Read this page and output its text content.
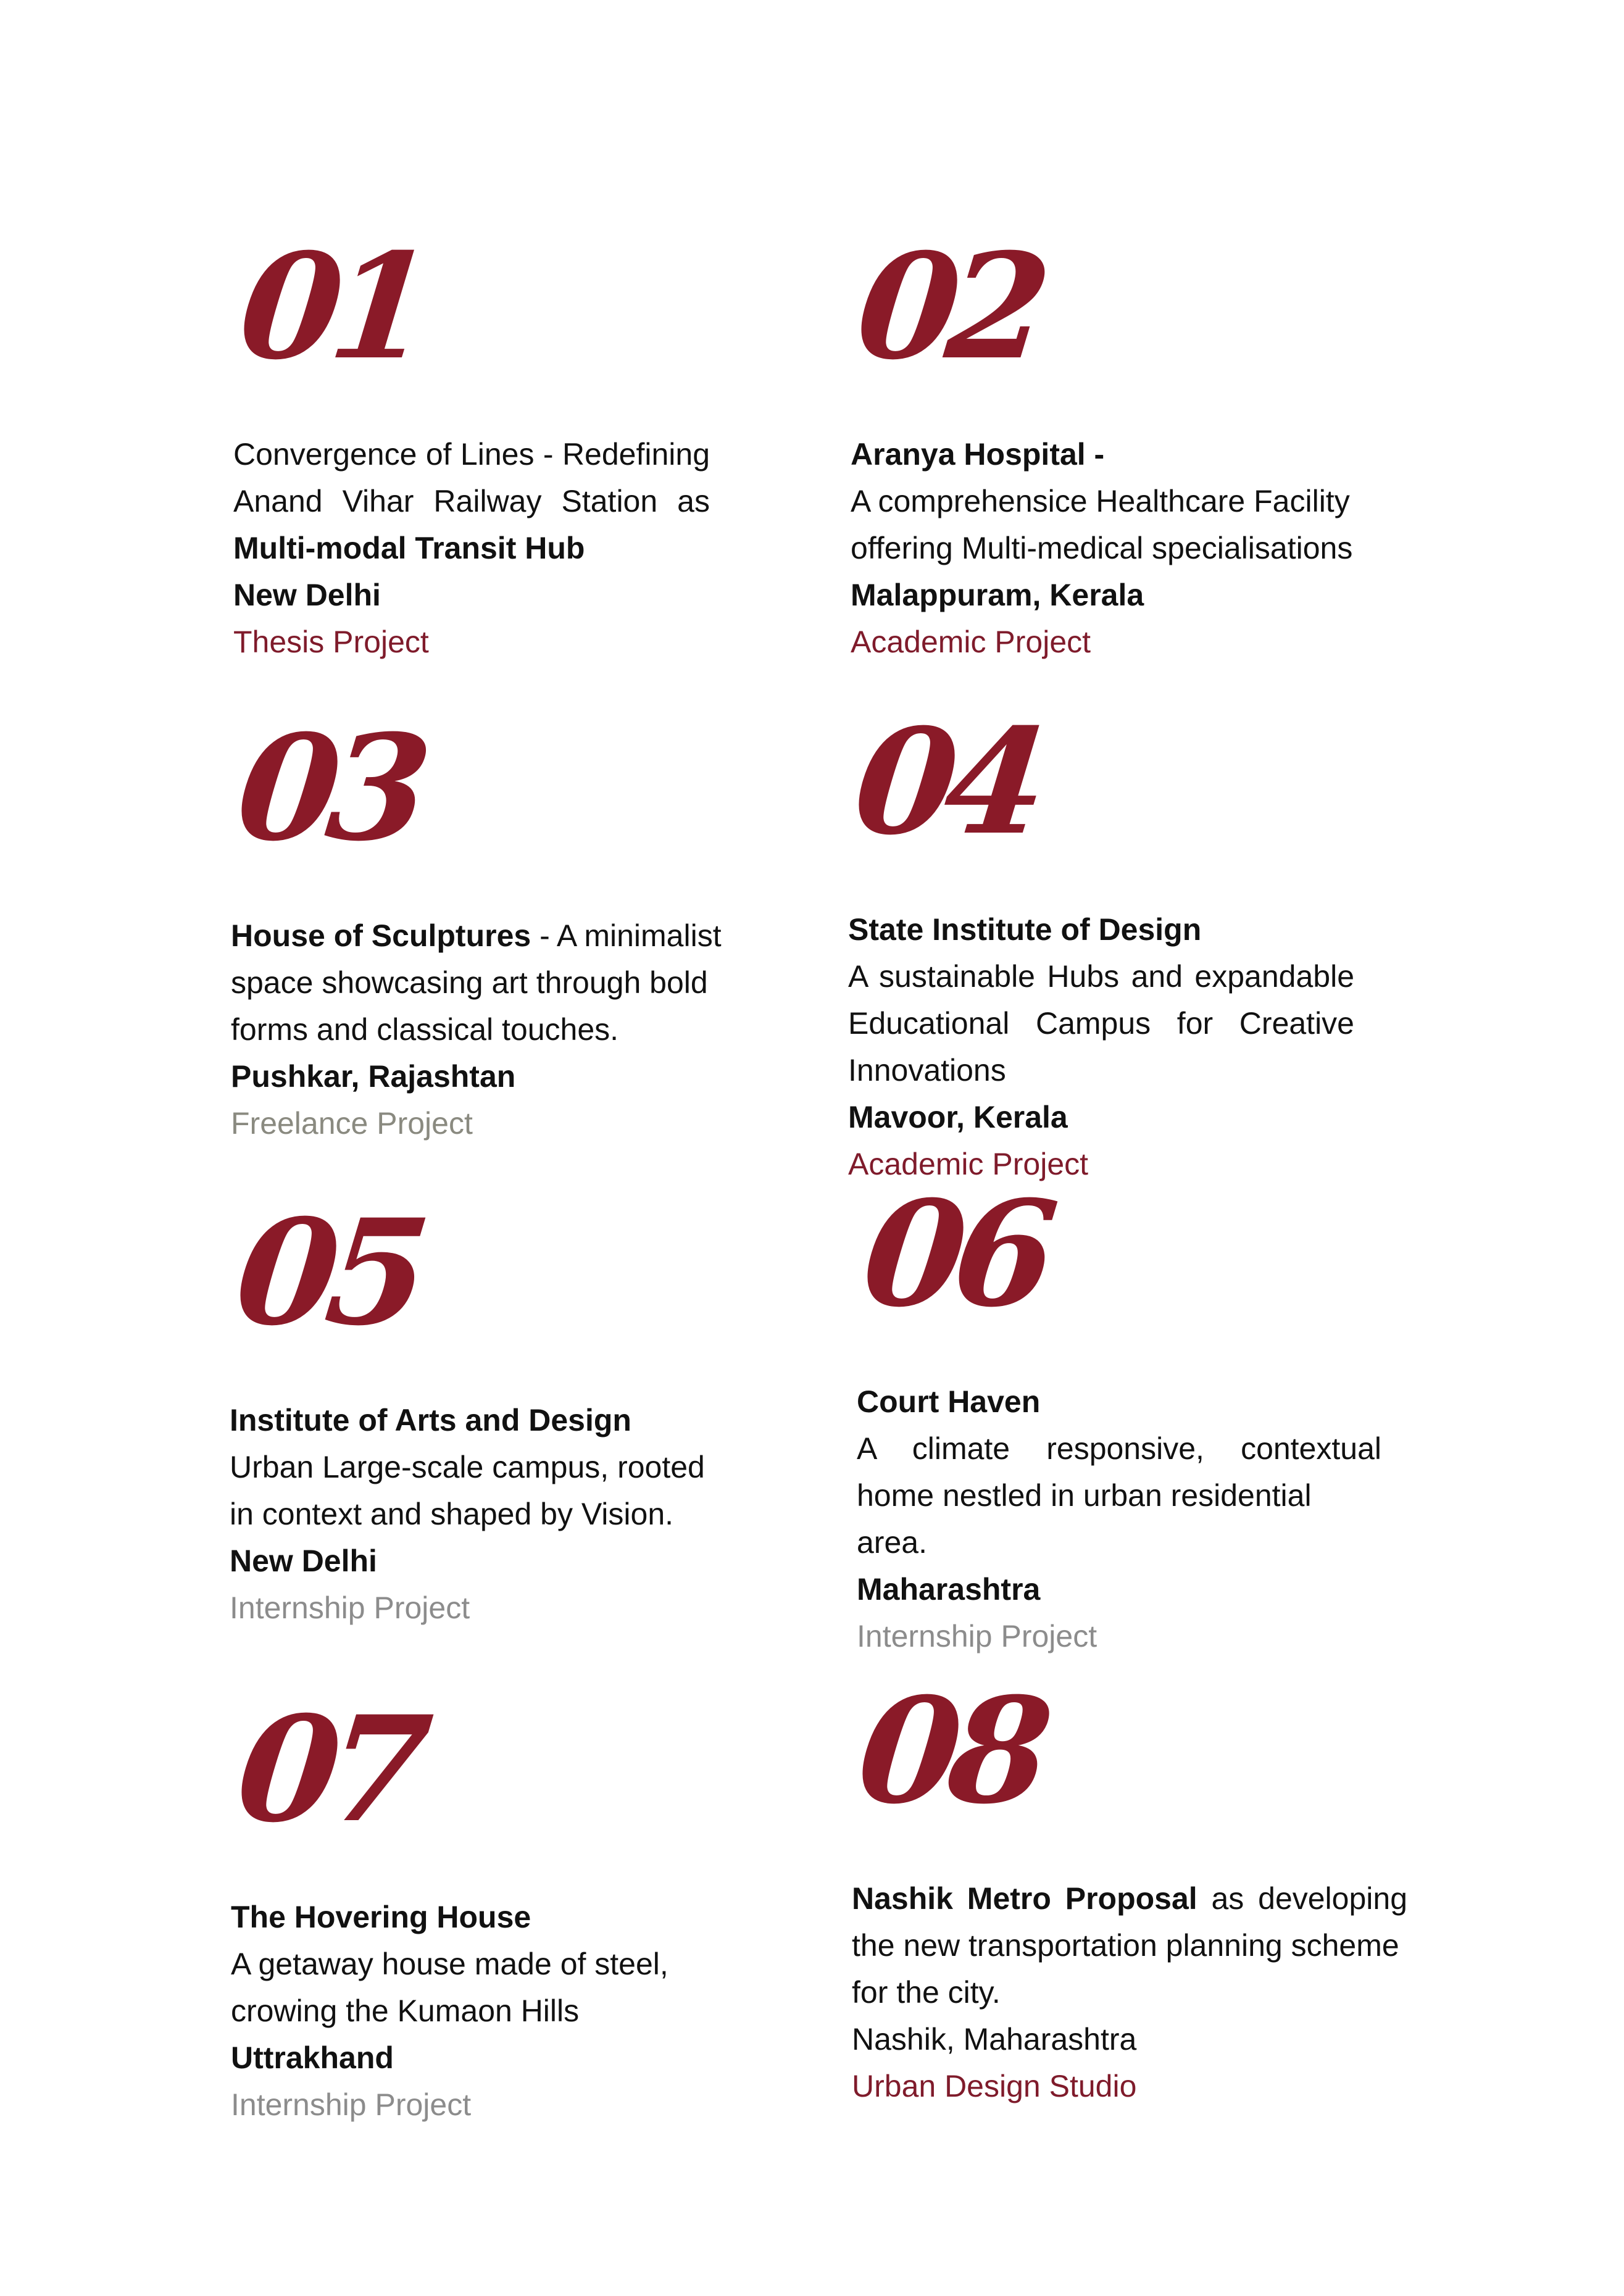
01

Convergence of Lines - Redefining

Anand Vihar Railway Station as

Multi-modal Transit Hub

New Delhi

Thesis Project

02

Aranya Hospital -

A comprehensice Healthcare Facility

offering Multi-medical specialisations

Malappuram, Kerala

Academic Project

03

House of Sculptures - A minimalist

space showcasing art through bold

forms and classical touches.

Pushkar, Rajashtan

Freelance Project

04

State Institute of Design

A sustainable Hubs and expandable

Educational Campus for Creative

Innovations

Mavoor, Kerala

Academic Project

05

Institute of Arts and Design

Urban Large-scale campus, rooted

in context and shaped by Vision.

New Delhi

Internship Project

06

Court Haven

A climate responsive, contextual

home nestled in urban residential area.

Maharashtra

Internship Project

07

The Hovering House

A getaway house made of steel,

crowing the Kumaon Hills

Uttrakhand

Internship Project

08

Nashik Metro Proposal as developing

the new transportation planning scheme

for the city.

Nashik, Maharashtra

Urban Design Studio
